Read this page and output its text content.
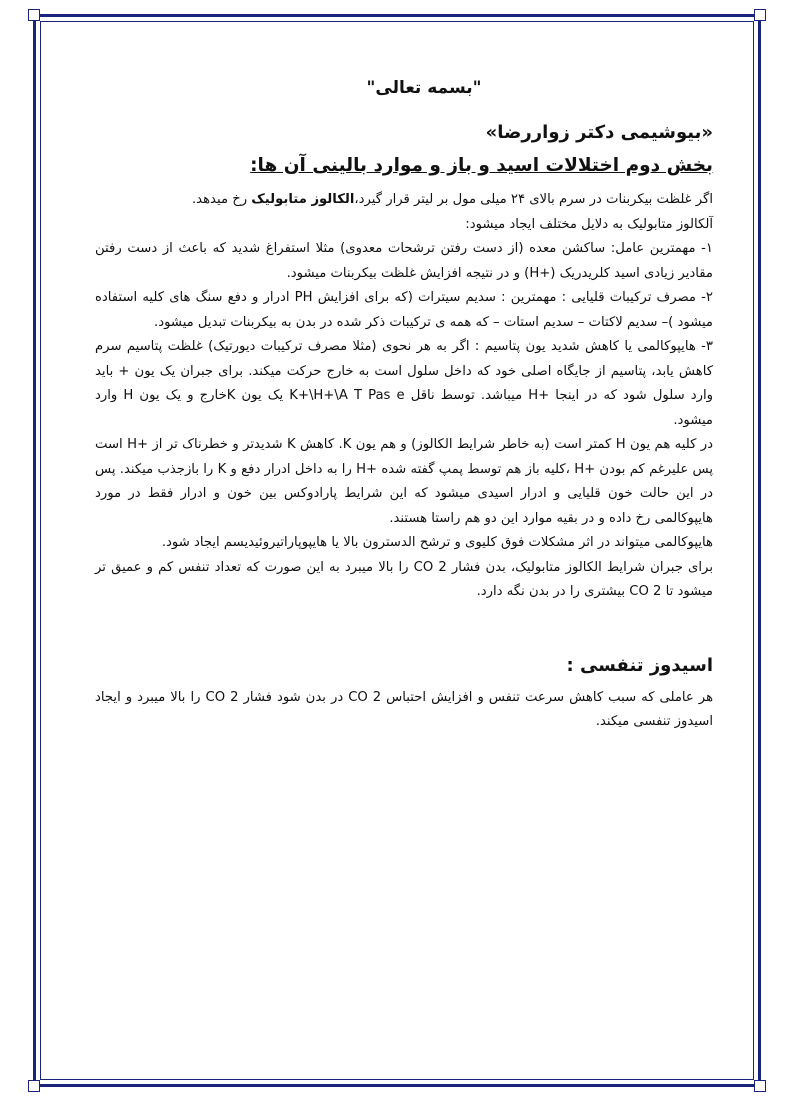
"بسمه تعالی"

«بیوشیمی دکتر زواررضا»

بخش دوم اختلالات اسید و باز و موارد بالینی آن ها:

اگر غلظت بیکربنات در سرم بالای ۲۴ میلی مول بر لیتر قرار گیرد،الکالوز متابولیک رخ میدهد.

آلکالوز متابولیک به دلایل مختلف ایجاد میشود:

۱- مهمترین عامل: ساکشن معده (از دست رفتن ترشحات معدوی) مثلا استفراغ شدید که باعث از دست رفتن مقادیر زیادی اسید کلریدریک (+H) و در نتیجه افزایش غلظت بیکربنات میشود.

۲- مصرف ترکیبات قلیایی : مهمترین : سدیم سیترات (که برای افزایش PH ادرار و دفع سنگ های کلیه استفاده میشود )– سدیم لاکتات – سدیم استات – که همه ی ترکیبات ذکر شده در بدن به بیکربنات تبدیل میشود.

۳- هایپوکالمی یا کاهش شدید یون پتاسیم : اگر به هر نحوی (مثلا مصرف ترکیبات دیورتیک) غلظت پتاسیم سرم کاهش یابد، پتاسیم از جایگاه اصلی خود که داخل سلول است به خارج حرکت میکند. برای جبران یک یون + باید وارد سلول شود که در اینجا +H میباشد. توسط ناقل K+\H+\A T Pas e یک یون Kخارج و یک یون H وارد میشود.

در کلیه هم یون H کمتر است (به خاطر شرایط الکالوز) و هم یون K. کاهش K شدیدتر و خطرناک تر از +H است پس علیرغم کم بودن +H ،کلیه باز هم توسط پمپ گفته شده +H را به داخل ادرار دفع و K را بازجذب میکند. پس در این حالت خون قلیایی و ادرار اسیدی میشود که این شرایط پارادوکس بین خون و ادرار فقط در مورد هایپوکالمی رخ داده و در بقیه موارد این دو هم راستا هستند.

هایپوکالمی میتواند در اثر مشکلات فوق کلیوی و ترشح الدسترون بالا یا هایپوپاراتیروئیدیسم ایجاد شود.

برای جبران شرایط الکالوز متابولیک، بدن فشار CO 2 را بالا میبرد به این صورت که تعداد تنفس کم و عمیق تر میشود تا CO 2 بیشتری را در بدن نگه دارد.

اسیدوز تنفسی :

هر عاملی که سبب کاهش سرعت تنفس و افزایش احتباس CO 2 در بدن شود فشار CO 2 را بالا میبرد و ایجاد اسیدوز تنفسی میکند.
